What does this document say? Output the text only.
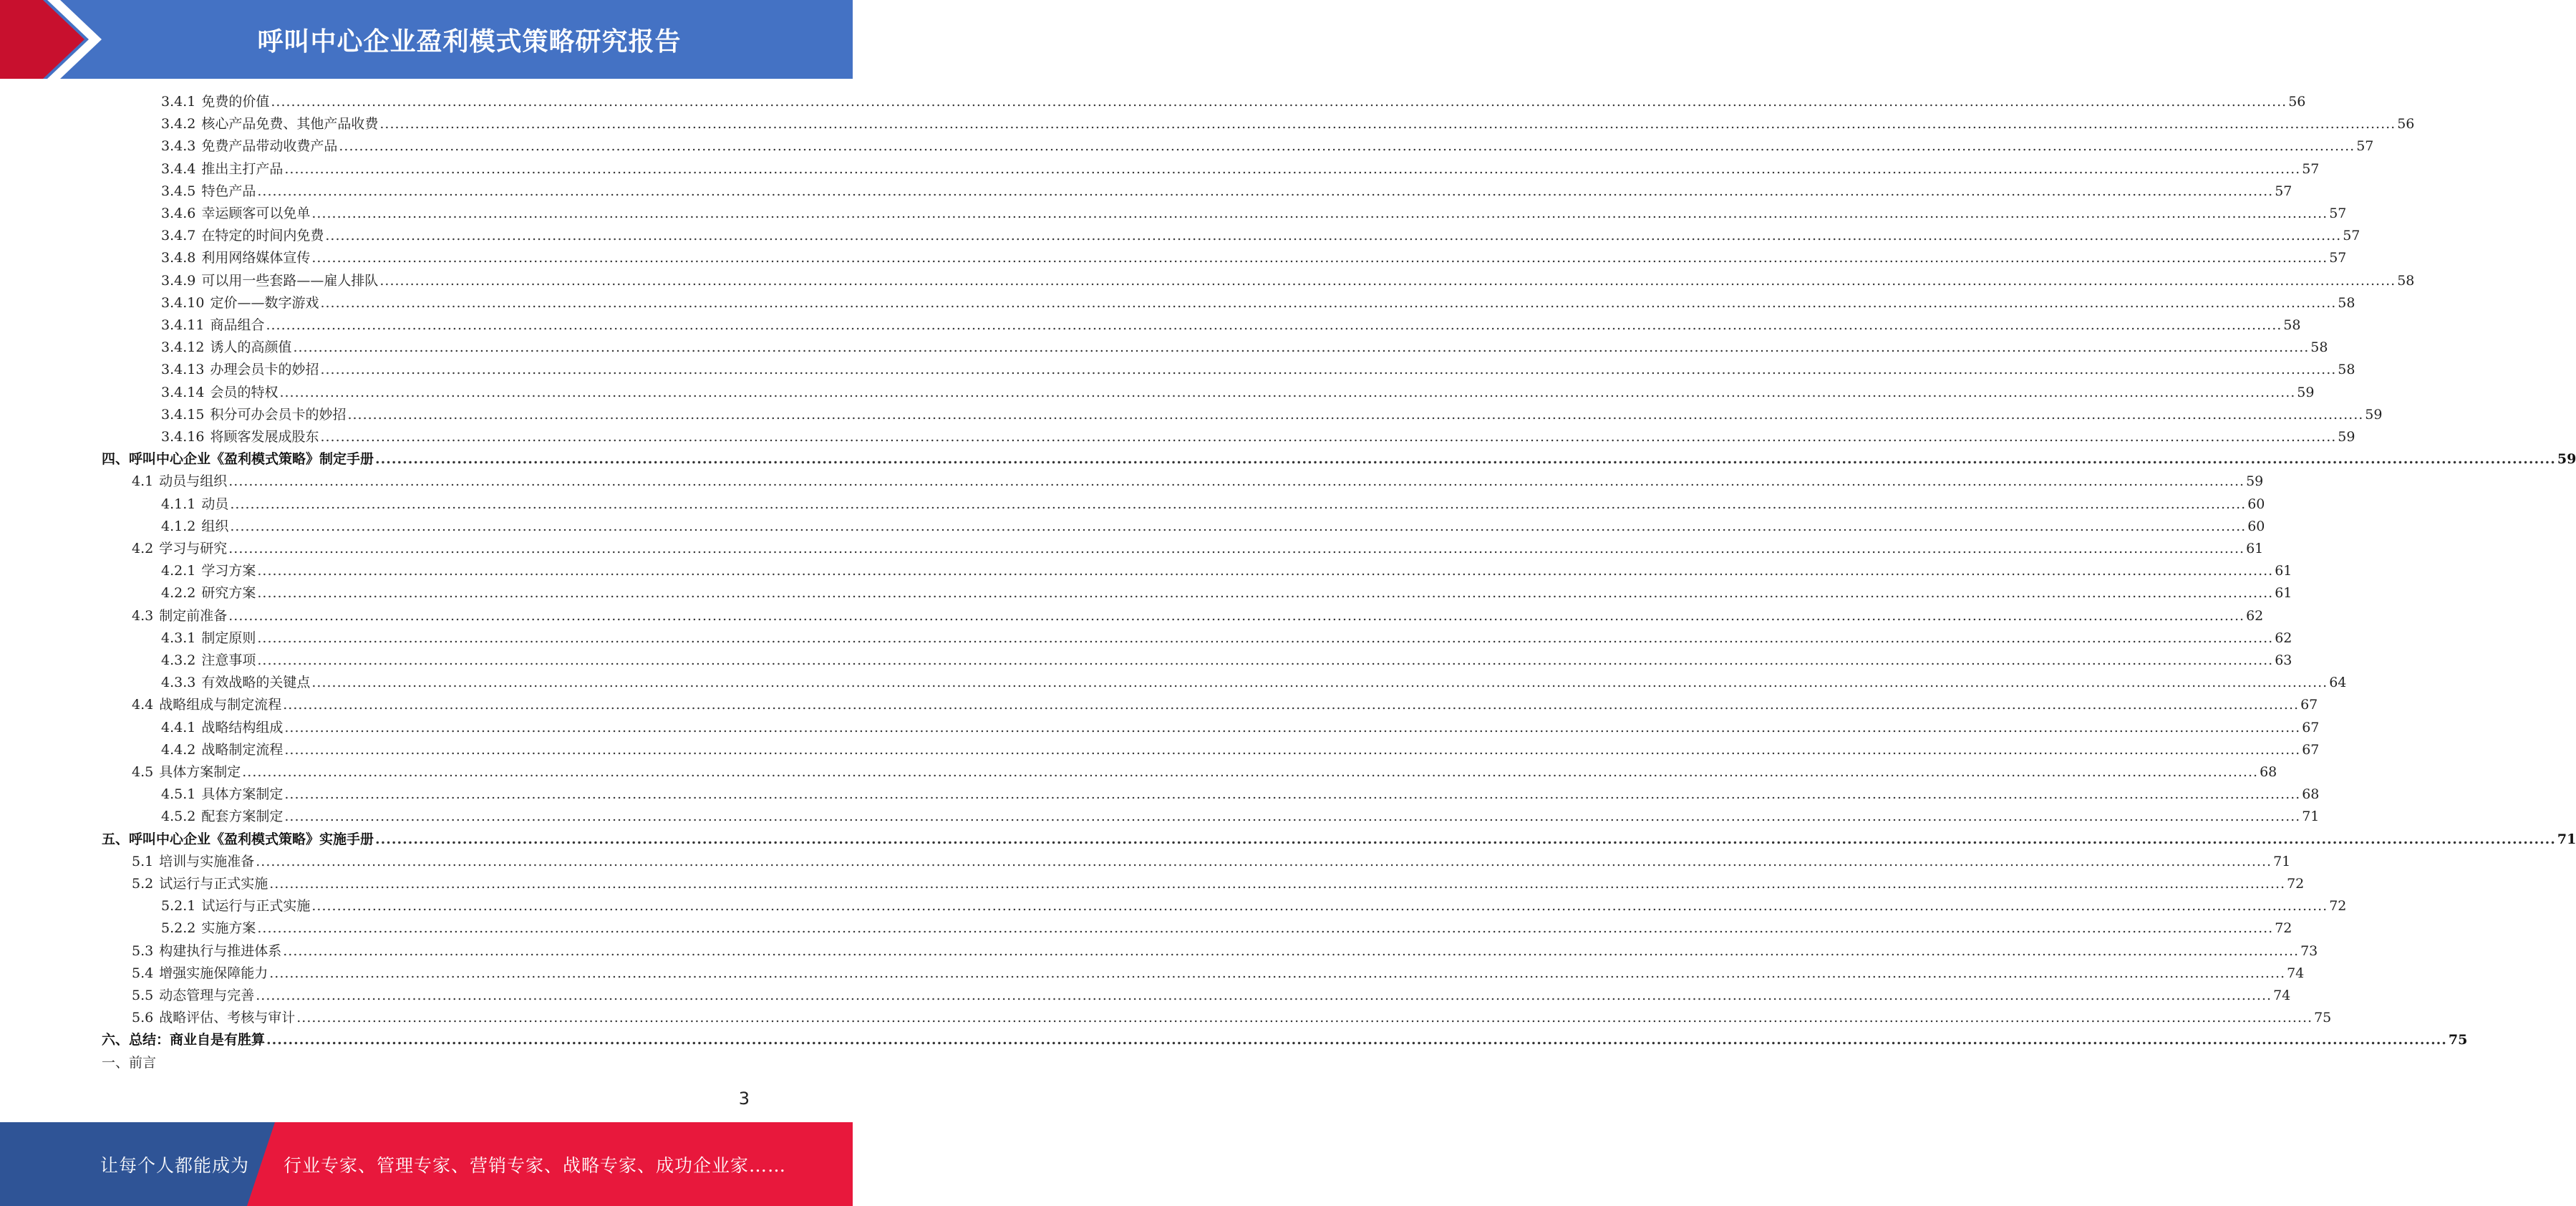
呼叫中心企业盈利模式策略研究报告
3.4.1 免费的价值 ................................................................................................................................................................................................................................................................................................................................................................................................................ 56
3.4.2 核心产品免费、其他产品收费 ................................................................................................................................................................................................................................................................................................................................................................................................................ 56
3.4.3 免费产品带动收费产品 ................................................................................................................................................................................................................................................................................................................................................................................................................ 57
3.4.4 推出主打产品 ................................................................................................................................................................................................................................................................................................................................................................................................................ 57
3.4.5 特色产品 ................................................................................................................................................................................................................................................................................................................................................................................................................ 57
3.4.6 幸运顾客可以免单 ................................................................................................................................................................................................................................................................................................................................................................................................................ 57
3.4.7 在特定的时间内免费 ................................................................................................................................................................................................................................................................................................................................................................................................................ 57
3.4.8 利用网络媒体宣传 ................................................................................................................................................................................................................................................................................................................................................................................................................ 57
3.4.9 可以用一些套路——雇人排队 ................................................................................................................................................................................................................................................................................................................................................................................................................ 58
3.4.10 定价——数字游戏 ................................................................................................................................................................................................................................................................................................................................................................................................................ 58
3.4.11 商品组合 ................................................................................................................................................................................................................................................................................................................................................................................................................ 58
3.4.12 诱人的高颜值 ................................................................................................................................................................................................................................................................................................................................................................................................................ 58
3.4.13 办理会员卡的妙招 ................................................................................................................................................................................................................................................................................................................................................................................................................ 58
3.4.14 会员的特权 ................................................................................................................................................................................................................................................................................................................................................................................................................ 59
3.4.15 积分可办会员卡的妙招 ................................................................................................................................................................................................................................................................................................................................................................................................................ 59
3.4.16 将顾客发展成股东 ................................................................................................................................................................................................................................................................................................................................................................................................................ 59
四、呼叫中心企业《盈利模式策略》制定手册 ................................................................................................................................................................................................................................................................................................................................................................................................................ 59
4.1 动员与组织 ................................................................................................................................................................................................................................................................................................................................................................................................................ 59
4.1.1 动员 ................................................................................................................................................................................................................................................................................................................................................................................................................ 60
4.1.2 组织 ................................................................................................................................................................................................................................................................................................................................................................................................................ 60
4.2 学习与研究 ................................................................................................................................................................................................................................................................................................................................................................................................................ 61
4.2.1 学习方案 ................................................................................................................................................................................................................................................................................................................................................................................................................ 61
4.2.2 研究方案 ................................................................................................................................................................................................................................................................................................................................................................................................................ 61
4.3 制定前准备 ................................................................................................................................................................................................................................................................................................................................................................................................................ 62
4.3.1 制定原则 ................................................................................................................................................................................................................................................................................................................................................................................................................ 62
4.3.2 注意事项 ................................................................................................................................................................................................................................................................................................................................................................................................................ 63
4.3.3 有效战略的关键点 ................................................................................................................................................................................................................................................................................................................................................................................................................ 64
4.4 战略组成与制定流程 ................................................................................................................................................................................................................................................................................................................................................................................................................ 67
4.4.1 战略结构组成 ................................................................................................................................................................................................................................................................................................................................................................................................................ 67
4.4.2 战略制定流程 ................................................................................................................................................................................................................................................................................................................................................................................................................ 67
4.5 具体方案制定 ................................................................................................................................................................................................................................................................................................................................................................................................................ 68
4.5.1 具体方案制定 ................................................................................................................................................................................................................................................................................................................................................................................................................ 68
4.5.2 配套方案制定 ................................................................................................................................................................................................................................................................................................................................................................................................................ 71
五、呼叫中心企业《盈利模式策略》实施手册 ................................................................................................................................................................................................................................................................................................................................................................................................................ 71
5.1 培训与实施准备 ................................................................................................................................................................................................................................................................................................................................................................................................................ 71
5.2 试运行与正式实施 ................................................................................................................................................................................................................................................................................................................................................................................................................ 72
5.2.1 试运行与正式实施 ................................................................................................................................................................................................................................................................................................................................................................................................................ 72
5.2.2 实施方案 ................................................................................................................................................................................................................................................................................................................................................................................................................ 72
5.3 构建执行与推进体系 ................................................................................................................................................................................................................................................................................................................................................................................................................ 73
5.4 增强实施保障能力 ................................................................................................................................................................................................................................................................................................................................................................................................................ 74
5.5 动态管理与完善 ................................................................................................................................................................................................................................................................................................................................................................................................................ 74
5.6 战略评估、考核与审计 ................................................................................................................................................................................................................................................................................................................................................................................................................ 75
六、总结：商业自是有胜算 ................................................................................................................................................................................................................................................................................................................................................................................................................ 75
一、前言
3
让每个人都能成为 行业专家、管理专家、营销专家、战略专家、成功企业家……
